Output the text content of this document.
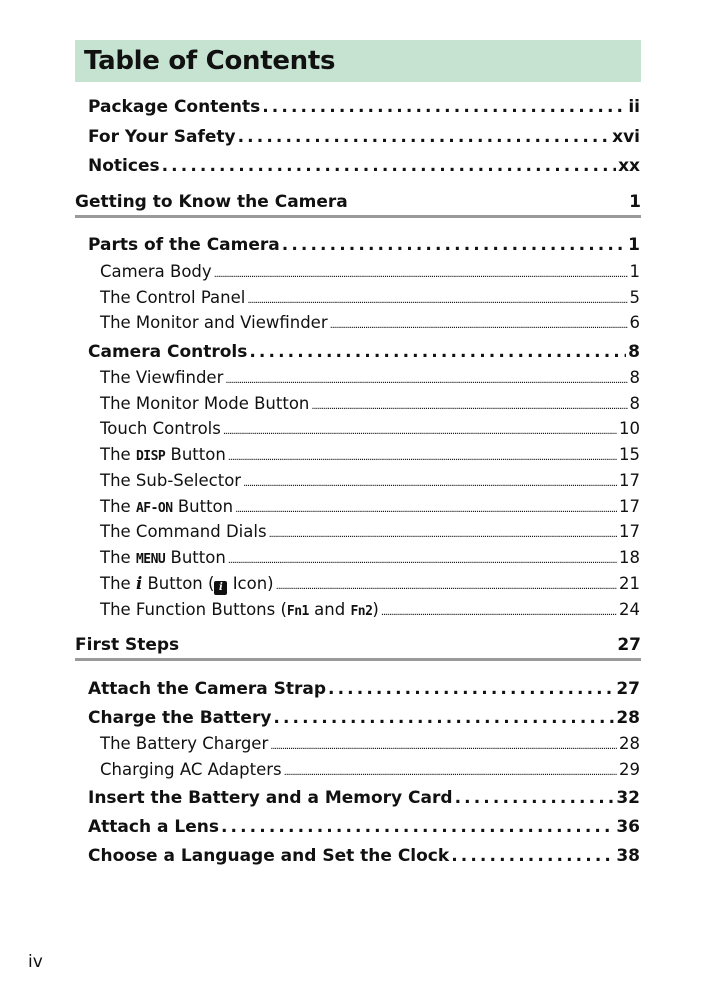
Table of Contents
Package Contents . . .	ii
For Your Safety . . .	xvi
Notices . . .	xx
Getting to Know the Camera	1
Parts of the Camera . . .	1
Camera Body . . .	1
The Control Panel . . .	5
The Monitor and Viewfinder . . .	6
Camera Controls . . .	8
The Viewfinder . . .	8
The Monitor Mode Button . . .	8
Touch Controls . . .	10
The DISP Button . . .	15
The Sub-Selector . . .	17
The AF-ON Button . . .	17
The Command Dials . . .	17
The MENU Button . . .	18
The i Button ( i Icon) . . .	21
The Function Buttons (Fn1 and Fn2) . . .	24
First Steps	27
Attach the Camera Strap . . .	27
Charge the Battery . . .	28
The Battery Charger . . .	28
Charging AC Adapters . . .	29
Insert the Battery and a Memory Card . . .	32
Attach a Lens . . .	36
Choose a Language and Set the Clock . . .	38
iv
